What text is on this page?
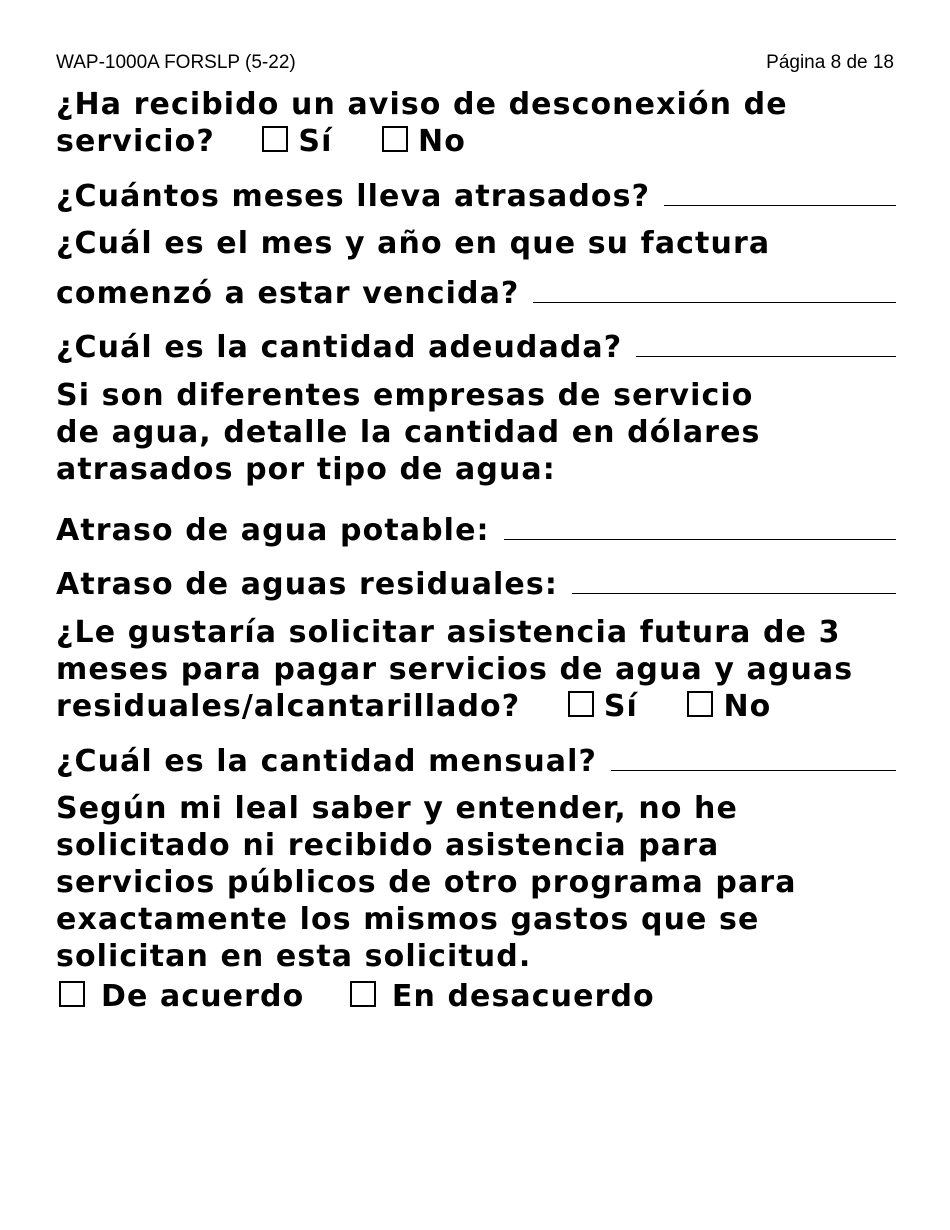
WAP-1000A FORSLP (5-22)	Página 8 de 18
¿Ha recibido un aviso de desconexión de
servicio?	Sí	No
¿Cuántos meses lleva atrasados?
¿Cuál es el mes y año en que su factura
comenzó a estar vencida?
¿Cuál es la cantidad adeudada?
Si son diferentes empresas de servicio
de agua, detalle la cantidad en dólares
atrasados por tipo de agua:
Atraso de agua potable:
Atraso de aguas residuales:
¿Le gustaría solicitar asistencia futura de 3
meses para pagar servicios de agua y aguas
residuales/alcantarillado?	Sí	No
¿Cuál es la cantidad mensual?
Según mi leal saber y entender, no he
solicitado ni recibido asistencia para
servicios públicos de otro programa para
exactamente los mismos gastos que se
solicitan en esta solicitud.
De acuerdo	En desacuerdo
